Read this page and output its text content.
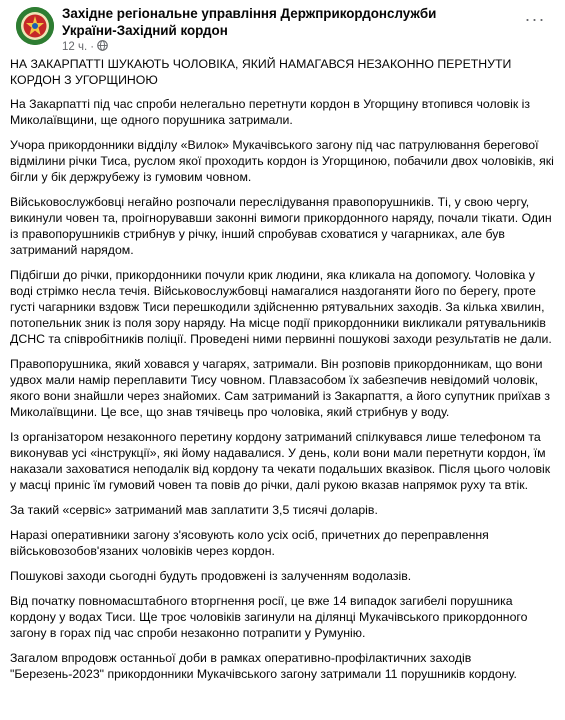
Західне регіональне управління Держприкордонслужби України-Західний кордон
12 ч. ·
···

НА ЗАКАРПАТТІ ШУКАЮТЬ ЧОЛОВІКА, ЯКИЙ НАМАГАВСЯ НЕЗАКОННО ПЕРЕТНУТИ КОРДОН З УГОРЩИНОЮ

На Закарпатті під час спроби нелегально перетнути кордон в Угорщину втопився чоловік із Миколаївщини, ще одного порушника затримали.

Учора прикордонники відділу «Вилок» Мукачівського загону під час патрулювання берегової відмілини річки Тиса, руслом якої проходить кордон із Угорщиною, побачили двох чоловіків, які бігли у бік держрубежу із гумовим човном.

Військовослужбовці негайно розпочали переслідування правопорушників. Ті, у свою чергу, викинули човен та, проігнорувавши законні вимоги прикордонного наряду, почали тікати. Один із правопорушників стрибнув у річку, інший спробував сховатися у чагарниках, але був затриманий нарядом.

Підбігши до річки, прикордонники почули крик людини, яка кликала на допомогу. Чоловіка у воді стрімко несла течія. Військовослужбовці намагалися наздоганяти його по берегу, проте густі чагарники вздовж Тиси перешкодили здійсненню рятувальних заходів. За кілька хвилин, потопельник зник із поля зору наряду. На місце події прикордонники викликали рятувальників ДСНС та співробітників поліції. Проведені ними первинні пошукові заходи результатів не дали.

Правопорушника, який ховався у чагарях, затримали. Він розповів прикордонникам, що вони удвох мали намір переплавити Тису човном. Плавзасобом їх забезпечив невідомий чоловік, якого вони знайшли через знайомих. Сам затриманий із Закарпаття, а його супутник приїхав з Миколаївщини. Це все, що знав тячівець про чоловіка, який стрибнув у воду.

Із організатором незаконного перетину кордону затриманий спілкувався лише телефоном та виконував усі «інструкції», які йому надавалися. У день, коли вони мали перетнути кордон, їм наказали заховатися неподалік від кордону та чекати подальших вказівок. Після цього чоловік у масці приніс їм гумовий човен та повів до річки, далі рукою вказав напрямок руху та втік.

За такий «сервіс» затриманий мав заплатити 3,5 тисячі доларів.

Наразі оперативники загону з'ясовують коло усіх осіб, причетних до переправлення військовозобов'язаних чоловіків через кордон.

Пошукові заходи сьогодні будуть продовжені із залученням водолазів.

Від початку повномасштабного вторгнення росії, це вже 14 випадок загибелі порушника кордону у водах Тиси. Ще троє чоловіків загинули на ділянці Мукачівського прикордонного загону в горах під час спроби незаконно потрапити у Румунію.

Загалом впродовж останньої доби в рамках оперативно-профілактичних заходів "Березень-2023" прикордонники Мукачівського загону затримали 11 порушників кордону.
